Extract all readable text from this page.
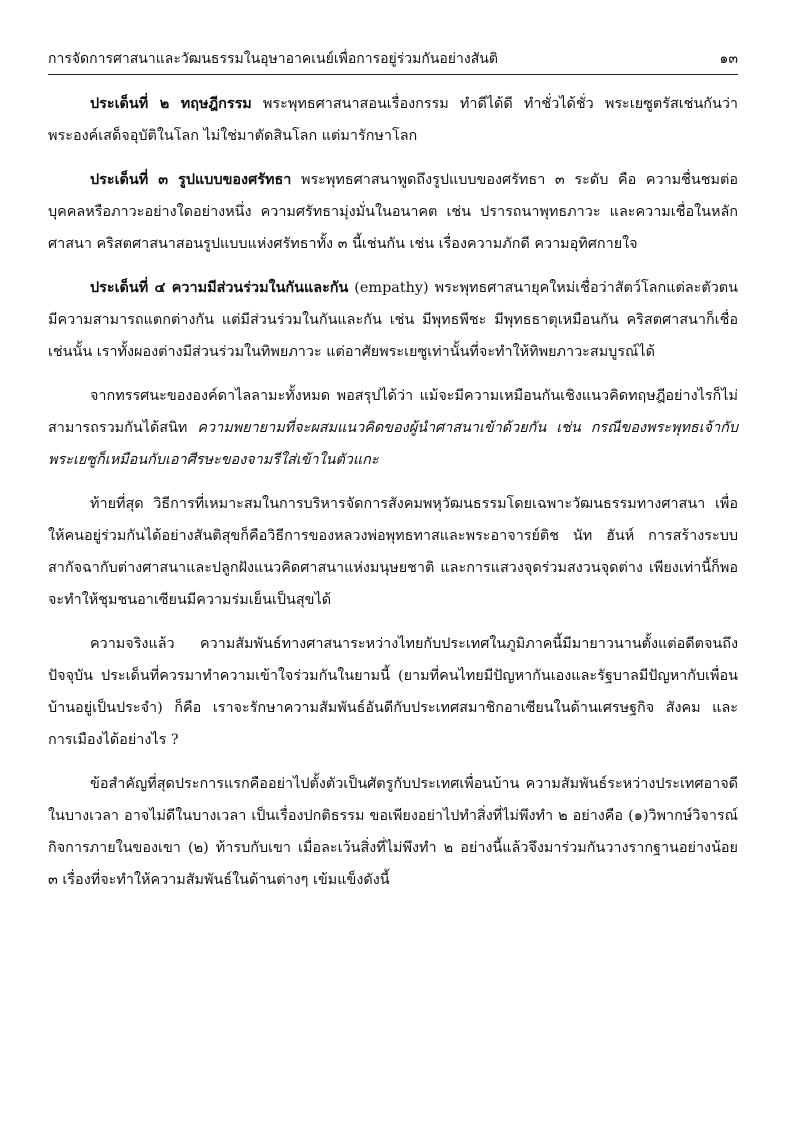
การจัดการศาสนาและวัฒนธรรมในอุษาอาคเนย์เพื่อการอยู่ร่วมกันอย่างสันติ	๑๓

ประเด็นที่ ๒ ทฤษฎีกรรม พระพุทธศาสนาสอนเรื่องกรรม ทำดีได้ดี ทำชั่วได้ชั่ว พระเยซูตรัสเช่นกันว่า พระองค์เสด็จอุบัติในโลก ไม่ใช่มาตัดสินโลก แต่มารักษาโลก

ประเด็นที่ ๓ รูปแบบของศรัทธา พระพุทธศาสนาพูดถึงรูปแบบของศรัทธา ๓ ระดับ คือ ความชื่นชมต่อบุคคลหรือภาวะอย่างใดอย่างหนึ่ง ความศรัทธามุ่งมั่นในอนาคต เช่น ปรารถนาพุทธภาวะ และความเชื่อในหลักศาสนา คริสตศาสนาสอนรูปแบบแห่งศรัทธาทั้ง ๓ นี้เช่นกัน เช่น เรื่องความภักดี ความอุทิศกายใจ

ประเด็นที่ ๔ ความมีส่วนร่วมในกันและกัน (empathy) พระพุทธศาสนายุคใหม่เชื่อว่าสัตว์โลกแต่ละตัวตนมีความสามารถแตกต่างกัน แต่มีส่วนร่วมในกันและกัน เช่น มีพุทธพีชะ มีพุทธธาตุเหมือนกัน คริสตศาสนาก็เชื่อเช่นนั้น เราทั้งผองต่างมีส่วนร่วมในทิพยภาวะ แต่อาศัยพระเยซูเท่านั้นที่จะทำให้ทิพยภาวะสมบูรณ์ได้

จากทรรศนะขององค์ดาไลลามะทั้งหมด พอสรุปได้ว่า แม้จะมีความเหมือนกันเชิงแนวคิดทฤษฎีอย่างไรก็ไม่สามารถรวมกันได้สนิท ความพยายามที่จะผสมแนวคิดของผู้นำศาสนาเข้าด้วยกัน เช่น กรณีของพระพุทธเจ้ากับพระเยซูก็เหมือนกับเอาศีรษะของจามรีใส่เข้าในตัวแกะ

ท้ายที่สุด วิธีการที่เหมาะสมในการบริหารจัดการสังคมพหุวัฒนธรรมโดยเฉพาะวัฒนธรรมทางศาสนา เพื่อให้คนอยู่ร่วมกันได้อย่างสันติสุขก็คือวิธีการของหลวงพ่อพุทธทาสและพระอาจารย์ติช นัท ฮันห์ การสร้างระบบสากัจฉากับต่างศาสนาและปลูกฝังแนวคิดศาสนาแห่งมนุษยชาติ และการแสวงจุดร่วมสงวนจุดต่าง เพียงเท่านี้ก็พอจะทำให้ชุมชนอาเซียนมีความร่มเย็นเป็นสุขได้

ความจริงแล้ว ความสัมพันธ์ทางศาสนาระหว่างไทยกับประเทศในภูมิภาคนี้มีมายาวนานตั้งแต่อดีตจนถึงปัจจุบัน ประเด็นที่ควรมาทำความเข้าใจร่วมกันในยามนี้ (ยามที่คนไทยมีปัญหากันเองและรัฐบาลมีปัญหากับเพื่อนบ้านอยู่เป็นประจำ) ก็คือ เราจะรักษาความสัมพันธ์อันดีกับประเทศสมาชิกอาเซียนในด้านเศรษฐกิจ สังคม และการเมืองได้อย่างไร ?

ข้อสำคัญที่สุดประการแรกคืออย่าไปตั้งตัวเป็นศัตรูกับประเทศเพื่อนบ้าน ความสัมพันธ์ระหว่างประเทศอาจดีในบางเวลา อาจไม่ดีในบางเวลา เป็นเรื่องปกติธรรม ขอเพียงอย่าไปทำสิ่งที่ไม่พึงทำ ๒ อย่างคือ (๑)วิพากษ์วิจารณ์กิจการภายในของเขา (๒) ท้ารบกับเขา เมื่อละเว้นสิ่งที่ไม่พึงทำ ๒ อย่างนี้แล้วจึงมาร่วมกันวางรากฐานอย่างน้อย ๓ เรื่องที่จะทำให้ความสัมพันธ์ในด้านต่างๆ เข้มแข็งดังนี้
